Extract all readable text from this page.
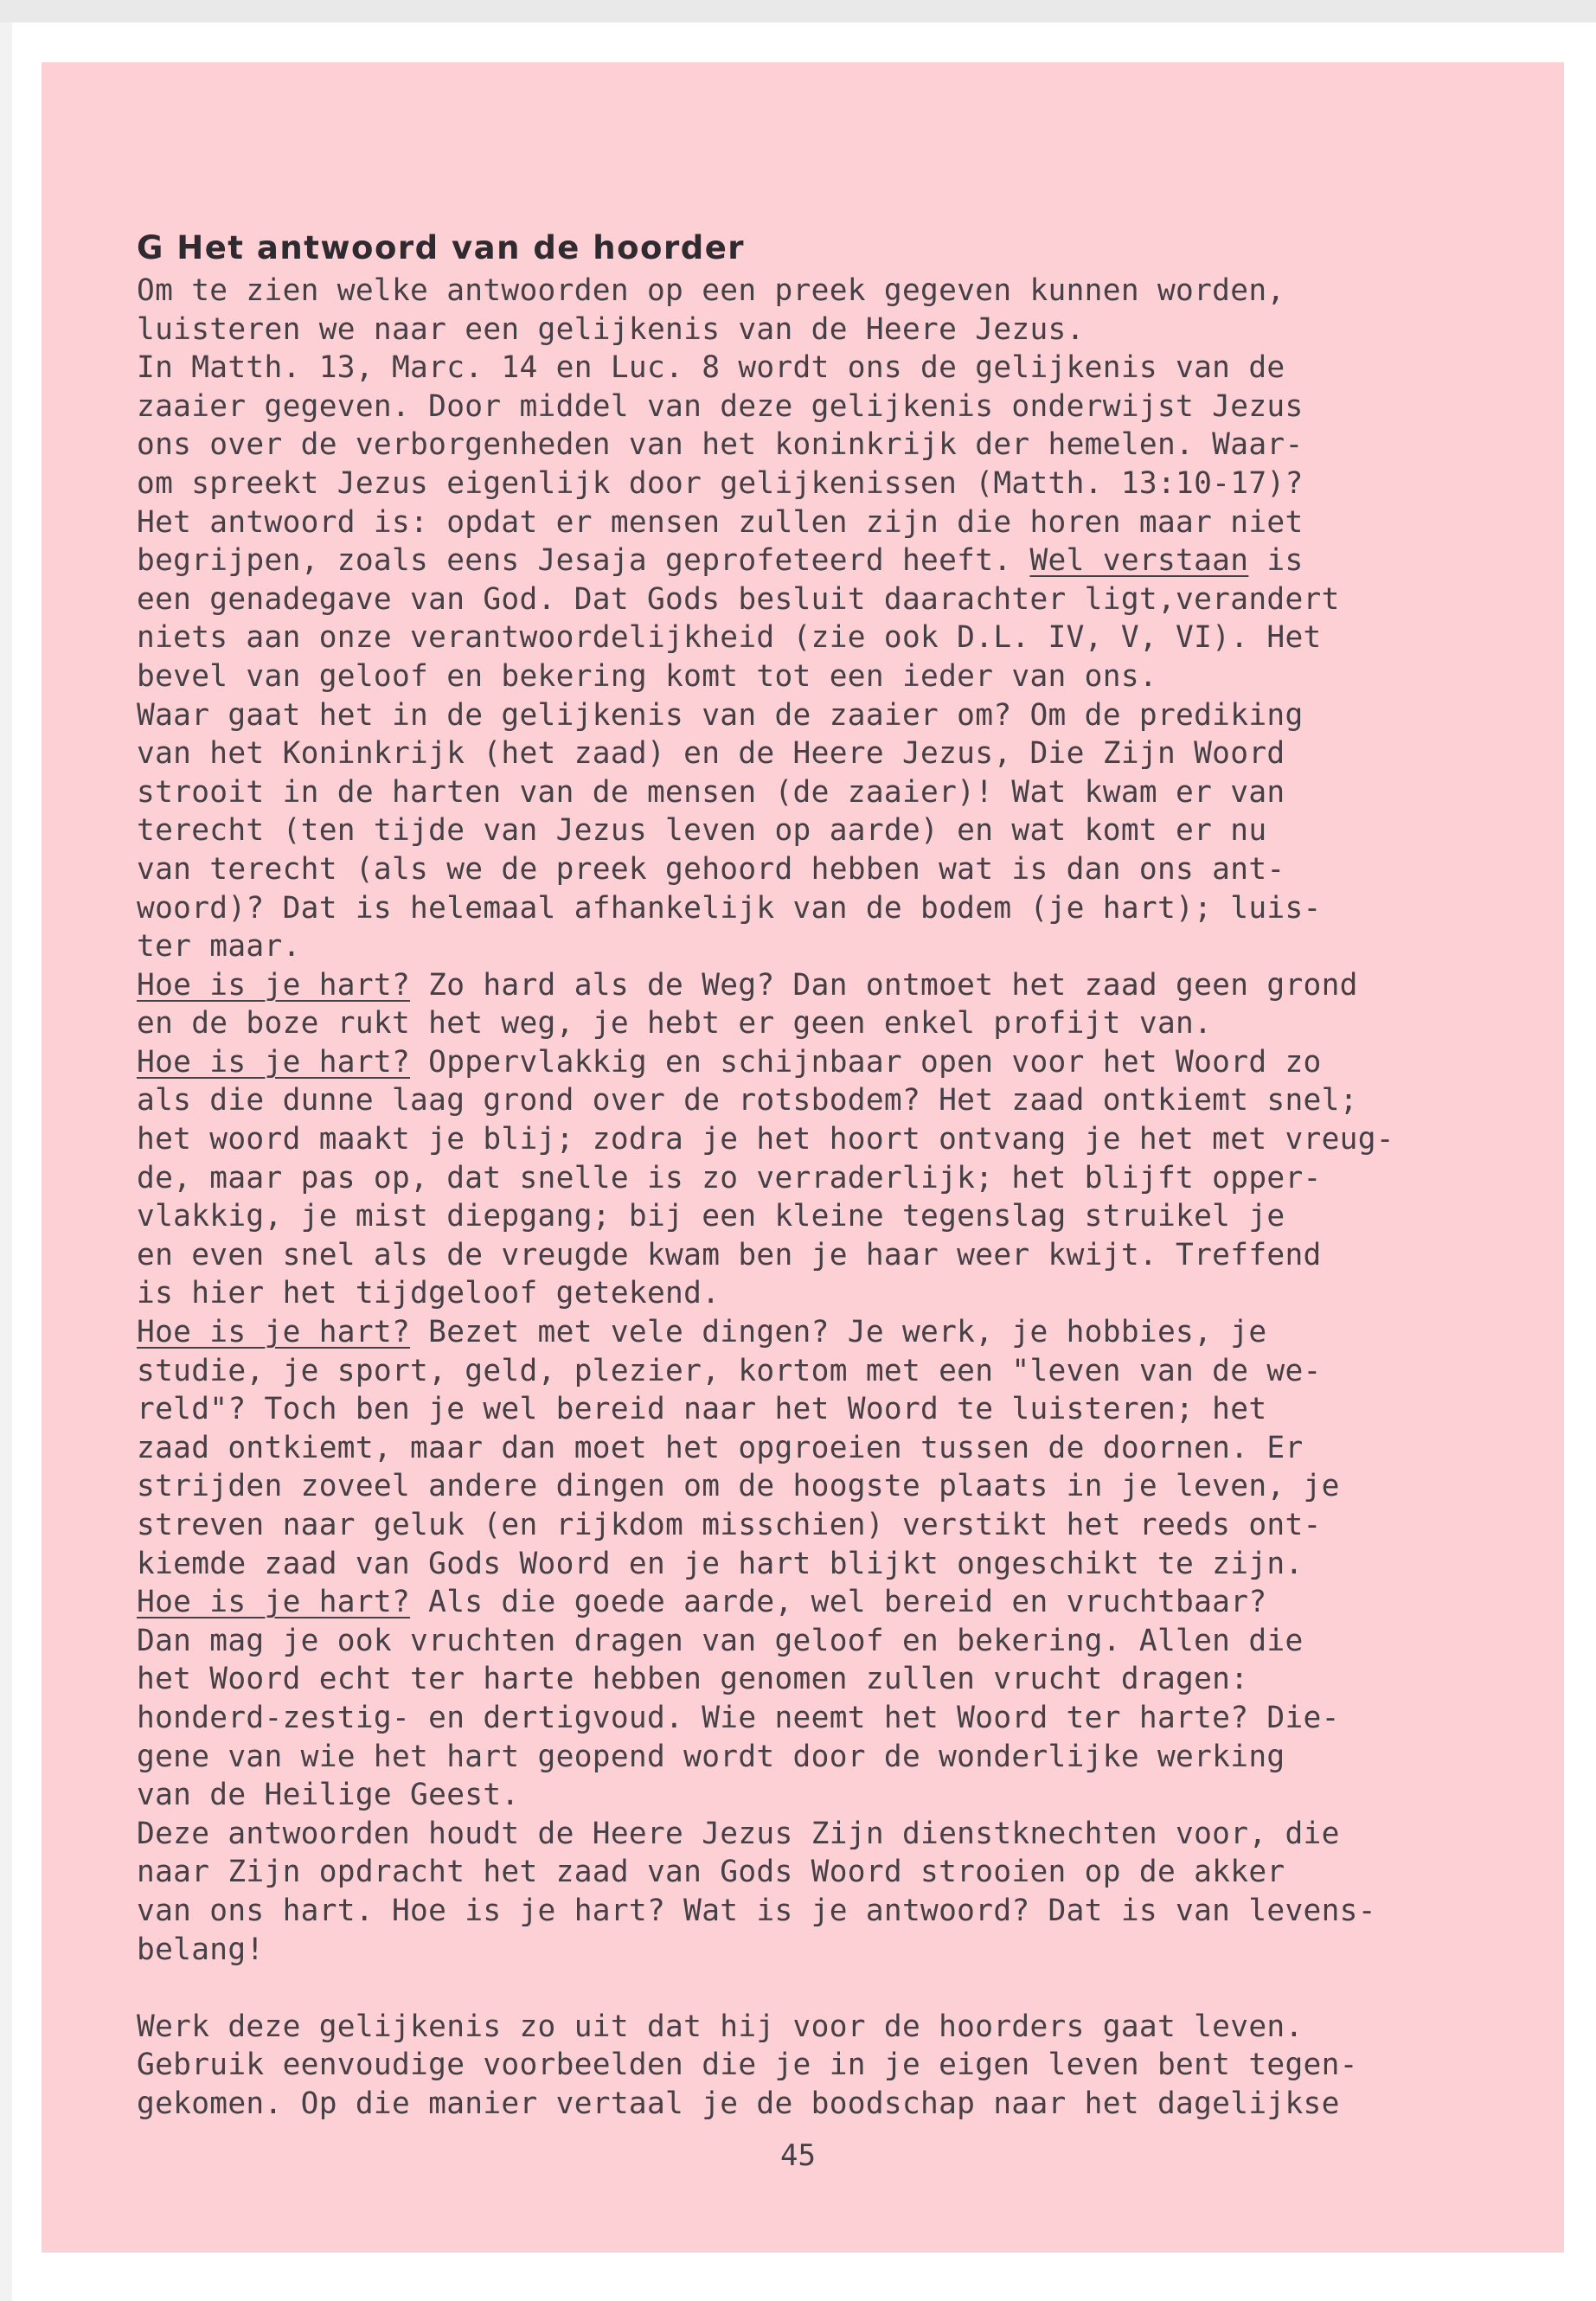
G Het antwoord van de hoorder
Om te zien welke antwoorden op een preek gegeven kunnen worden,
luisteren we naar een gelijkenis van de Heere Jezus.
In Matth. 13, Marc. 14 en Luc. 8 wordt ons de gelijkenis van de
zaaier gegeven. Door middel van deze gelijkenis onderwijst Jezus
ons over de verborgenheden van het koninkrijk der hemelen. Waar-
om spreekt Jezus eigenlijk door gelijkenissen (Matth. 13:10-17)?
Het antwoord is: opdat er mensen zullen zijn die horen maar niet
begrijpen, zoals eens Jesaja geprofeteerd heeft. Wel verstaan is
een genadegave van God. Dat Gods besluit daarachter ligt,verandert
niets aan onze verantwoordelijkheid (zie ook D.L. IV, V, VI). Het
bevel van geloof en bekering komt tot een ieder van ons.
Waar gaat het in de gelijkenis van de zaaier om? Om de prediking
van het Koninkrijk (het zaad) en de Heere Jezus, Die Zijn Woord
strooit in de harten van de mensen (de zaaier)! Wat kwam er van
terecht (ten tijde van Jezus leven op aarde) en wat komt er nu
van terecht (als we de preek gehoord hebben wat is dan ons ant-
woord)? Dat is helemaal afhankelijk van de bodem (je hart); luis-
ter maar.
Hoe is je hart? Zo hard als de Weg? Dan ontmoet het zaad geen grond
en de boze rukt het weg, je hebt er geen enkel profijt van.
Hoe is je hart? Oppervlakkig en schijnbaar open voor het Woord zo
als die dunne laag grond over de rotsbodem? Het zaad ontkiemt snel;
het woord maakt je blij; zodra je het hoort ontvang je het met vreug-
de, maar pas op, dat snelle is zo verraderlijk; het blijft opper-
vlakkig, je mist diepgang; bij een kleine tegenslag struikel je
en even snel als de vreugde kwam ben je haar weer kwijt. Treffend
is hier het tijdgeloof getekend.
Hoe is je hart? Bezet met vele dingen? Je werk, je hobbies, je
studie, je sport, geld, plezier, kortom met een "leven van de we-
reld"? Toch ben je wel bereid naar het Woord te luisteren; het
zaad ontkiemt, maar dan moet het opgroeien tussen de doornen. Er
strijden zoveel andere dingen om de hoogste plaats in je leven, je
streven naar geluk (en rijkdom misschien) verstikt het reeds ont-
kiemde zaad van Gods Woord en je hart blijkt ongeschikt te zijn.
Hoe is je hart? Als die goede aarde, wel bereid en vruchtbaar?
Dan mag je ook vruchten dragen van geloof en bekering. Allen die
het Woord echt ter harte hebben genomen zullen vrucht dragen:
honderd-zestig- en dertigvoud. Wie neemt het Woord ter harte? Die-
gene van wie het hart geopend wordt door de wonderlijke werking
van de Heilige Geest.
Deze antwoorden houdt de Heere Jezus Zijn dienstknechten voor, die
naar Zijn opdracht het zaad van Gods Woord strooien op de akker
van ons hart. Hoe is je hart? Wat is je antwoord? Dat is van levens-
belang!
Werk deze gelijkenis zo uit dat hij voor de hoorders gaat leven.
Gebruik eenvoudige voorbeelden die je in je eigen leven bent tegen-
gekomen. Op die manier vertaal je de boodschap naar het dagelijkse
45
